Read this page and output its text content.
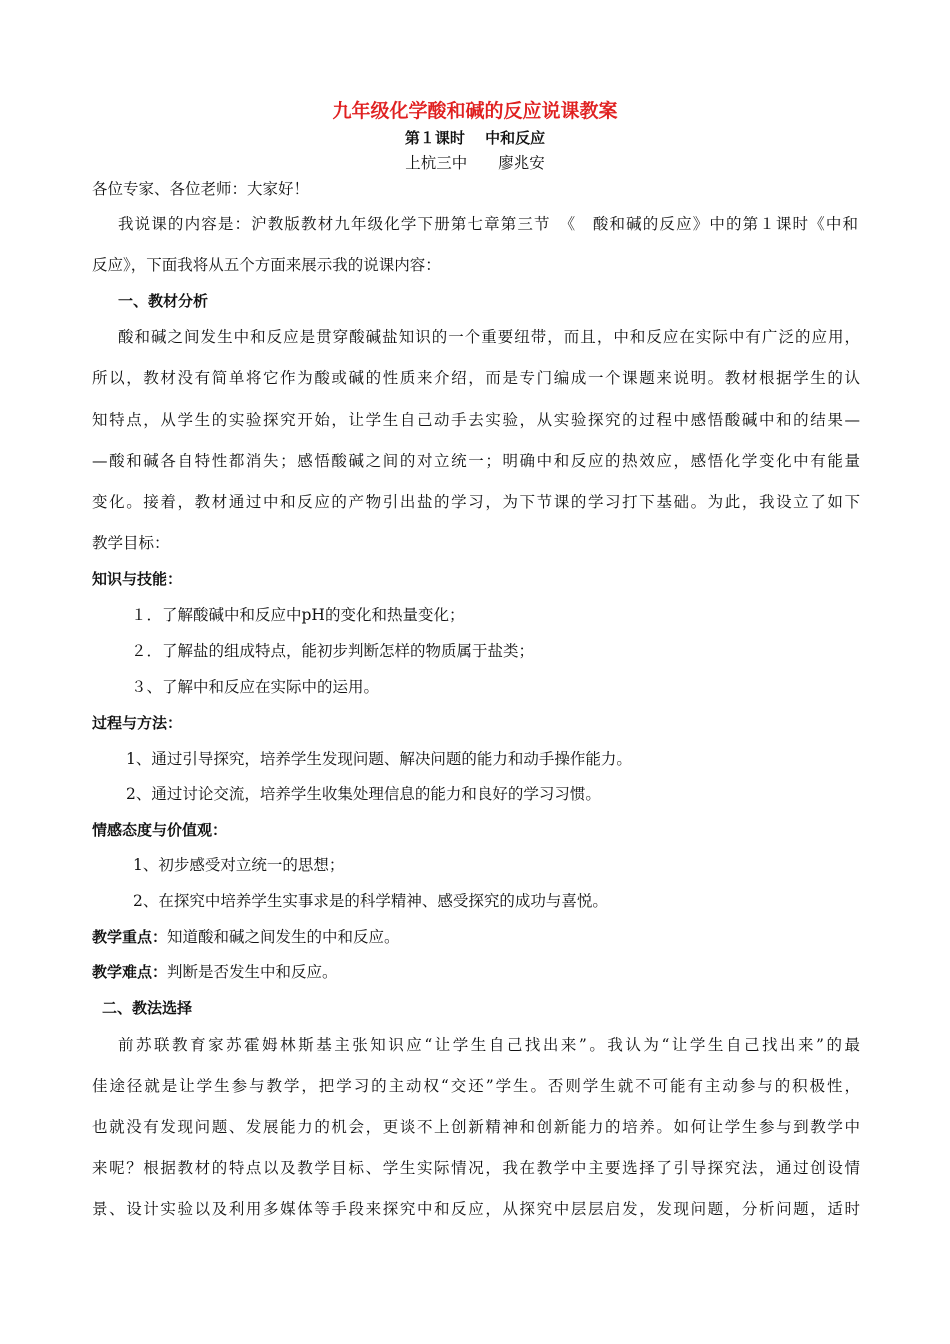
九年级化学酸和碱的反应说课教案
第１课时　 中和反应
上杭三中　　廖兆安
各位专家、各位老师：大家好！
我说课的内容是：沪教版教材九年级化学下册第七章第三节　《　酸和碱的反应》中的第１课时《中和
反应》，下面我将从五个方面来展示我的说课内容：
一、教材分析
酸和碱之间发生中和反应是贯穿酸碱盐知识的一个重要纽带，而且，中和反应在实际中有广泛的应用，
所以，教材没有简单将它作为酸或碱的性质来介绍，而是专门编成一个课题来说明。教材根据学生的认
知特点，从学生的实验探究开始，让学生自己动手去实验，从实验探究的过程中感悟酸碱中和的结果—
—酸和碱各自特性都消失；感悟酸碱之间的对立统一；明确中和反应的热效应，感悟化学变化中有能量
变化。接着，教材通过中和反应的产物引出盐的学习，为下节课的学习打下基础。为此，我设立了如下
教学目标：
知识与技能：
１．了解酸碱中和反应中pH的变化和热量变化；
２．了解盐的组成特点，能初步判断怎样的物质属于盐类；
３、了解中和反应在实际中的运用。
过程与方法：
1、通过引导探究，培养学生发现问题、解决问题的能力和动手操作能力。
2、通过讨论交流，培养学生收集处理信息的能力和良好的学习习惯。
情感态度与价值观：
1、初步感受对立统一的思想；
2、在探究中培养学生实事求是的科学精神、感受探究的成功与喜悦。
教学重点：知道酸和碱之间发生的中和反应。
教学难点：判断是否发生中和反应。
二、教法选择
前苏联教育家苏霍姆林斯基主张知识应“让学生自己找出来”。我认为“让学生自己找出来”的最
佳途径就是让学生参与教学，把学习的主动权“交还”学生。否则学生就不可能有主动参与的积极性，
也就没有发现问题、发展能力的机会，更谈不上创新精神和创新能力的培养。如何让学生参与到教学中
来呢？根据教材的特点以及教学目标、学生实际情况，我在教学中主要选择了引导探究法，通过创设情
景、设计实验以及利用多媒体等手段来探究中和反应，从探究中层层启发，发现问题，分析问题，适时
